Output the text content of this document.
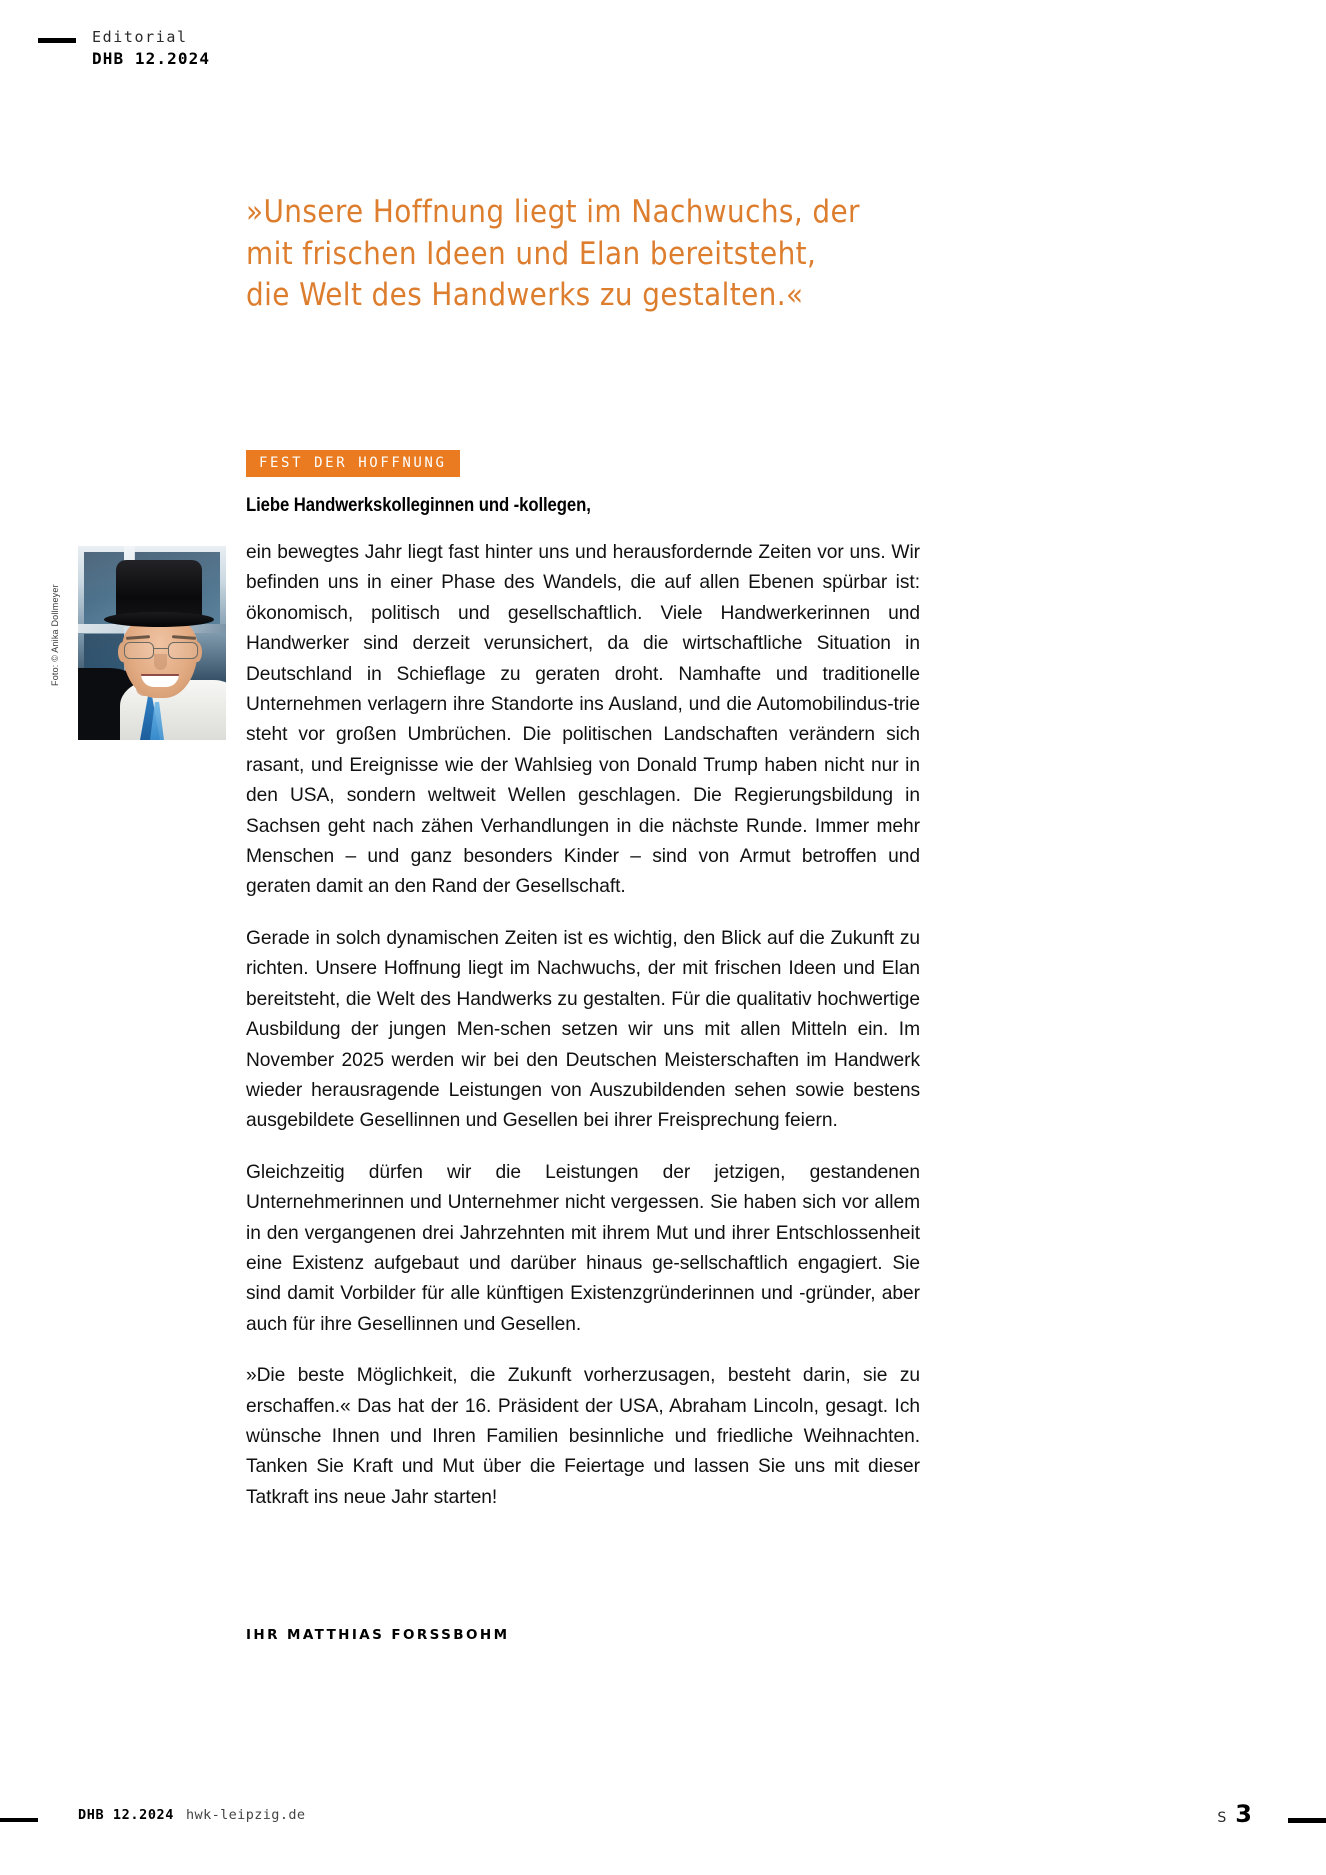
Editorial
DHB 12.2024
»Unsere Hoffnung liegt im Nachwuchs, der
mit frischen Ideen und Elan bereitsteht,
die Welt des Handwerks zu gestalten.«
FEST DER HOFFNUNG
Liebe Handwerkskolleginnen und -kollegen,
Foto: © Anika Dollmeyer

ein bewegtes Jahr liegt fast hinter uns und herausfordernde Zeiten vor uns. Wir befinden uns in einer Phase des Wandels, die auf allen Ebenen spürbar ist: ökonomisch, politisch und gesellschaftlich. Viele Handwerkerinnen und Handwerker sind derzeit verunsichert, da die wirtschaftliche Situation in Deutschland in Schieflage zu geraten droht. Namhafte und traditionelle Unternehmen verlagern ihre Standorte ins Ausland, und die Automobilindus-​trie steht vor großen Umbrüchen. Die politischen Landschaften verändern sich rasant, und Ereignisse wie der Wahlsieg von Donald Trump haben nicht nur in den USA, sondern weltweit Wellen geschlagen. Die Regierungsbildung in Sachsen geht nach zähen Verhandlungen in die nächste Runde. Immer mehr Menschen – und ganz besonders Kinder – sind von Armut betroffen und geraten damit an den Rand der Gesellschaft.

Gerade in solch dynamischen Zeiten ist es wichtig, den Blick auf die Zukunft zu richten. Unsere Hoffnung liegt im Nachwuchs, der mit frischen Ideen und Elan bereitsteht, die Welt des Handwerks zu gestalten. Für die qualitativ hochwertige Ausbildung der jungen Men-​schen setzen wir uns mit allen Mitteln ein. Im November 2025 werden wir bei den Deutschen Meisterschaften im Handwerk wieder herausragende Leistungen von Auszubildenden sehen sowie bestens ausgebildete Gesellinnen und Gesellen bei ihrer Freisprechung feiern.

Gleichzeitig dürfen wir die Leistungen der jetzigen, gestandenen Unternehmerinnen und Unternehmer nicht vergessen. Sie haben sich vor allem in den vergangenen drei Jahrzehnten mit ihrem Mut und ihrer Entschlossenheit eine Existenz aufgebaut und darüber hinaus ge-​sellschaftlich engagiert. Sie sind damit Vorbilder für alle künftigen Existenzgründerinnen und -​gründer, aber auch für ihre Gesellinnen und Gesellen.

»Die beste Möglichkeit, die Zukunft vorherzusagen, besteht darin, sie zu erschaffen.« Das hat der 16. Präsident der USA, Abraham Lincoln, gesagt. Ich wünsche Ihnen und Ihren Familien besinnliche und friedliche Weihnachten. Tanken Sie Kraft und Mut über die Feiertage und lassen Sie uns mit dieser Tatkraft ins neue Jahr starten!

IHR MATTHIAS FORSSBOHM
DHB 12.2024 hwk-leipzig.de	S 3
